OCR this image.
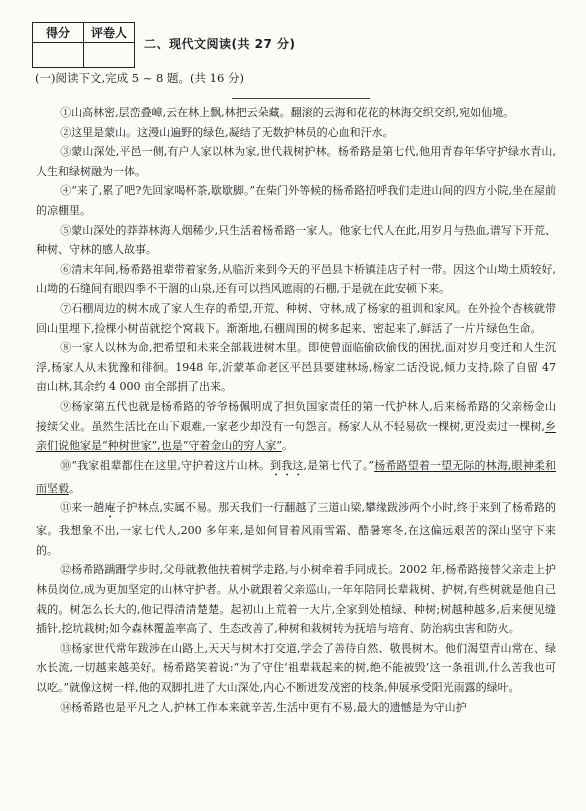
得分	评卷人

二、现代文阅读(共 27 分)
(一)阅读下文,完成 5 ~ 8 题。(共 16 分)

①山高林密,层峦叠嶂,云在林上飘,林把云朵藏。翻滚的云海和花花的林海交织交织,宛如仙境。

②这里是蒙山。这漫山遍野的绿色,凝结了无数护林员的心血和汗水。

③蒙山深处,平邑一侧,有户人家以林为家,世代栽树护林。杨希路是第七代,他用青春年华守护绿水青山,人生和绿树融为一体。

④“来了,累了吧?先回家喝杯茶,歇歇脚。”在柴门外等候的杨希路招呼我们走进山间的四方小院,坐在屋前的凉棚里。

⑤蒙山深处的莽莽林海人烟稀少,只生活着杨希路一家人。他家七代人在此,用岁月与热血,谱写下开荒、种树、守林的感人故事。

⑥清末年间,杨希路祖辈带着家务,从临沂来到今天的平邑县卞桥镇洼店子村一带。因这个山坳土质较好,山坳的石缝间有眼四季不干涸的山泉,还有可以挡风遮雨的石棚,于是就在此安顿下来。

⑦石棚周边的树木成了家人生存的希望,开荒、种树、守林,成了杨家的祖训和家风。在外捡个杏核就带回山里埋下,捡棵小树苗就挖个窝栽下。渐渐地,石棚周围的树多起来、密起来了,鲜活了一片片绿色生命。

⑧一家人以林为命,把希望和未来全部栽进树木里。即使曾面临偷砍偷伐的困扰,面对岁月变迁和人生沉浮,杨家人从未犹豫和徘徊。1948 年,沂蒙革命老区平邑县要建林场,杨家二话没说,倾力支持,除了自留 47 亩山林,其余约 4 000 亩全部捐了出来。

⑨杨家第五代也就是杨希路的爷爷杨佩明成了担负国家责任的第一代护林人,后来杨希路的父亲杨金山接续父业。虽然生活比在山下艰难,一家老少却没有一句怨言。杨家人从不轻易砍一棵树,更没卖过一棵树,乡亲们说他家是“种树世家”,也是“守着金山的穷人家”。

⑩“我家祖辈都住在这里,守护着这片山林。到我这,是第七代了。”杨希路望着一望无际的林海,眼神柔和而坚毅。

⑪来一趟庵子护林点,实属不易。那天我们一行翻越了三道山梁,攀缘跋涉两个小时,终于来到了杨希路的家。我想象不出,一家七代人,200 多年来,是如何冒着风雨雪霜、酷暑寒冬,在这偏远艰苦的深山坚守下来的。

⑫杨希路蹒跚学步时,父母就教他扶着树学走路,与小树牵着手同成长。2002 年,杨希路接替父亲走上护林员岗位,成为更加坚定的山林守护者。从小就跟着父亲巡山,一年年陪同长辈栽树、护树,有些树就是他自己栽的。树怎么长大的,他记得清清楚楚。起初山上荒着一大片,全家到处植绿、种树;树越种越多,后来便见缝插针,挖坑栽树;如今森林覆盖率高了、生态改善了,种树和栽树转为抚培与培育、防治病虫害和防火。

⑬杨家世代常年跋涉在山路上,天天与树木打交道,学会了善待自然、敬畏树木。他们渴望青山常在、绿水长流,一切越来越美好。杨希路笑着说:“为了守住‘祖辈栽起来的树,绝不能被毁’这一条祖训,什么苦我也可以吃。”就像这树一样,他的双脚扎进了大山深处,内心不断迸发茂密的枝条,伸展承受阳光雨露的绿叶。

⑭杨希路也是平凡之人,护林工作本来就辛苦,生活中更有不易,最大的遗憾是为守山护
